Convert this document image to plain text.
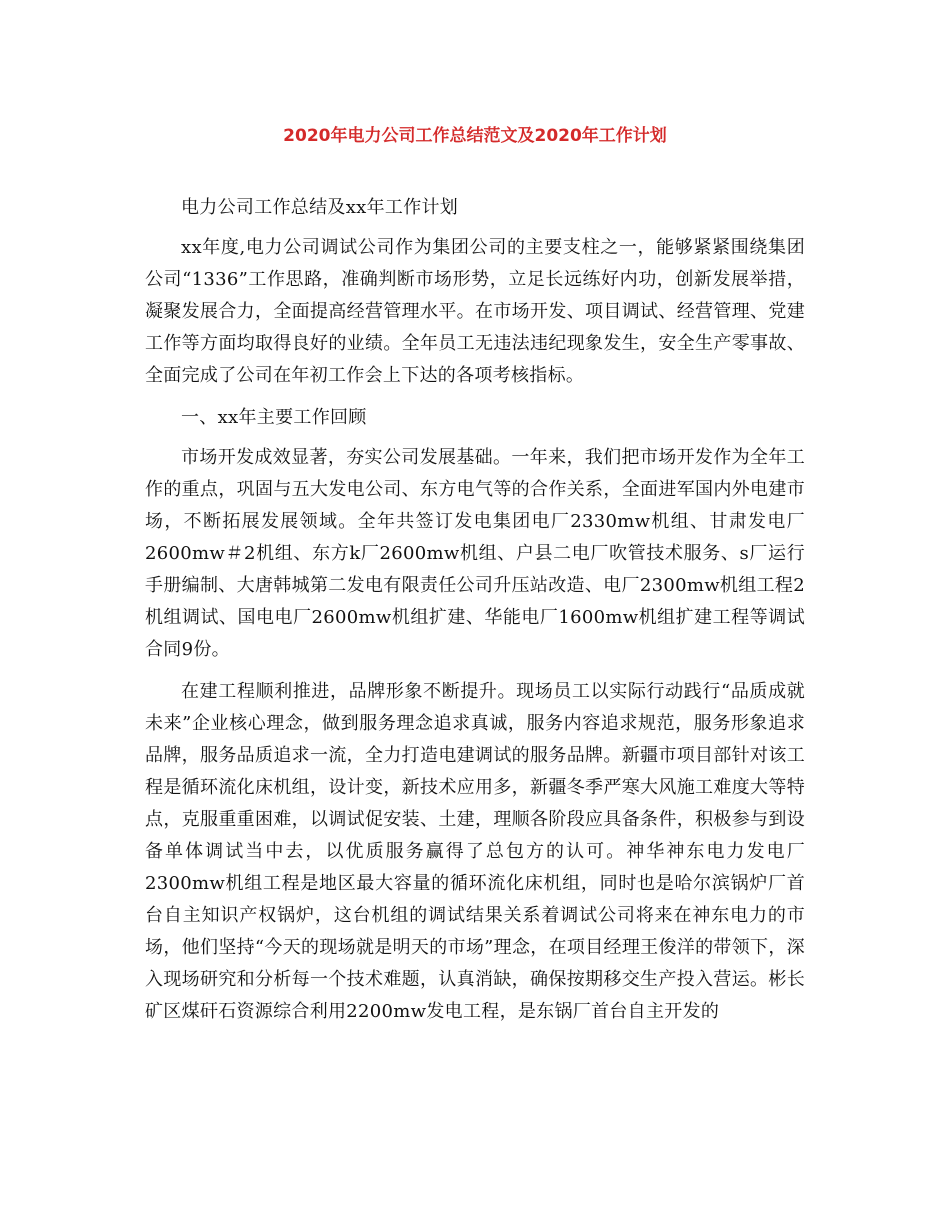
2020年电力公司工作总结范文及2020年工作计划

电力公司工作总结及xx年工作计划

xx年度,电力公司调试公司作为集团公司的主要支柱之一，能够紧紧围绕集团公司“1336”工作思路，准确判断市场形势，立足长远练好内功，创新发展举措，凝聚发展合力，全面提高经营管理水平。在市场开发、项目调试、经营管理、党建工作等方面均取得良好的业绩。全年员工无违法违纪现象发生，安全生产零事故、全面完成了公司在年初工作会上下达的各项考核指标。

一、xx年主要工作回顾

市场开发成效显著，夯实公司发展基础。一年来，我们把市场开发作为全年工作的重点，巩固与五大发电公司、东方电气等的合作关系，全面进军国内外电建市场，不断拓展发展领域。全年共签订发电集团电厂2330mw机组、甘肃发电厂2600mw＃2机组、东方k厂2600mw机组、户县二电厂吹管技术服务、s厂运行手册编制、大唐韩城第二发电有限责任公司升压站改造、电厂2300mw机组工程2机组调试、国电电厂2600mw机组扩建、华能电厂1600mw机组扩建工程等调试合同9份。

在建工程顺利推进，品牌形象不断提升。现场员工以实际行动践行“品质成就未来”企业核心理念，做到服务理念追求真诚，服务内容追求规范，服务形象追求品牌，服务品质追求一流，全力打造电建调试的服务品牌。新疆市项目部针对该工程是循环流化床机组，设计变，新技术应用多，新疆冬季严寒大风施工难度大等特点，克服重重困难，以调试促安装、土建，理顺各阶段应具备条件，积极参与到设备单体调试当中去，以优质服务赢得了总包方的认可。神华神东电力发电厂2300mw机组工程是地区最大容量的循环流化床机组，同时也是哈尔滨锅炉厂首台自主知识产权锅炉，这台机组的调试结果关系着调试公司将来在神东电力的市场，他们坚持“今天的现场就是明天的市场”理念，在项目经理王俊洋的带领下，深入现场研究和分析每一个技术难题，认真消缺，确保按期移交生产投入营运。彬长矿区煤矸石资源综合利用2200mw发电工程，是东锅厂首台自主开发的
